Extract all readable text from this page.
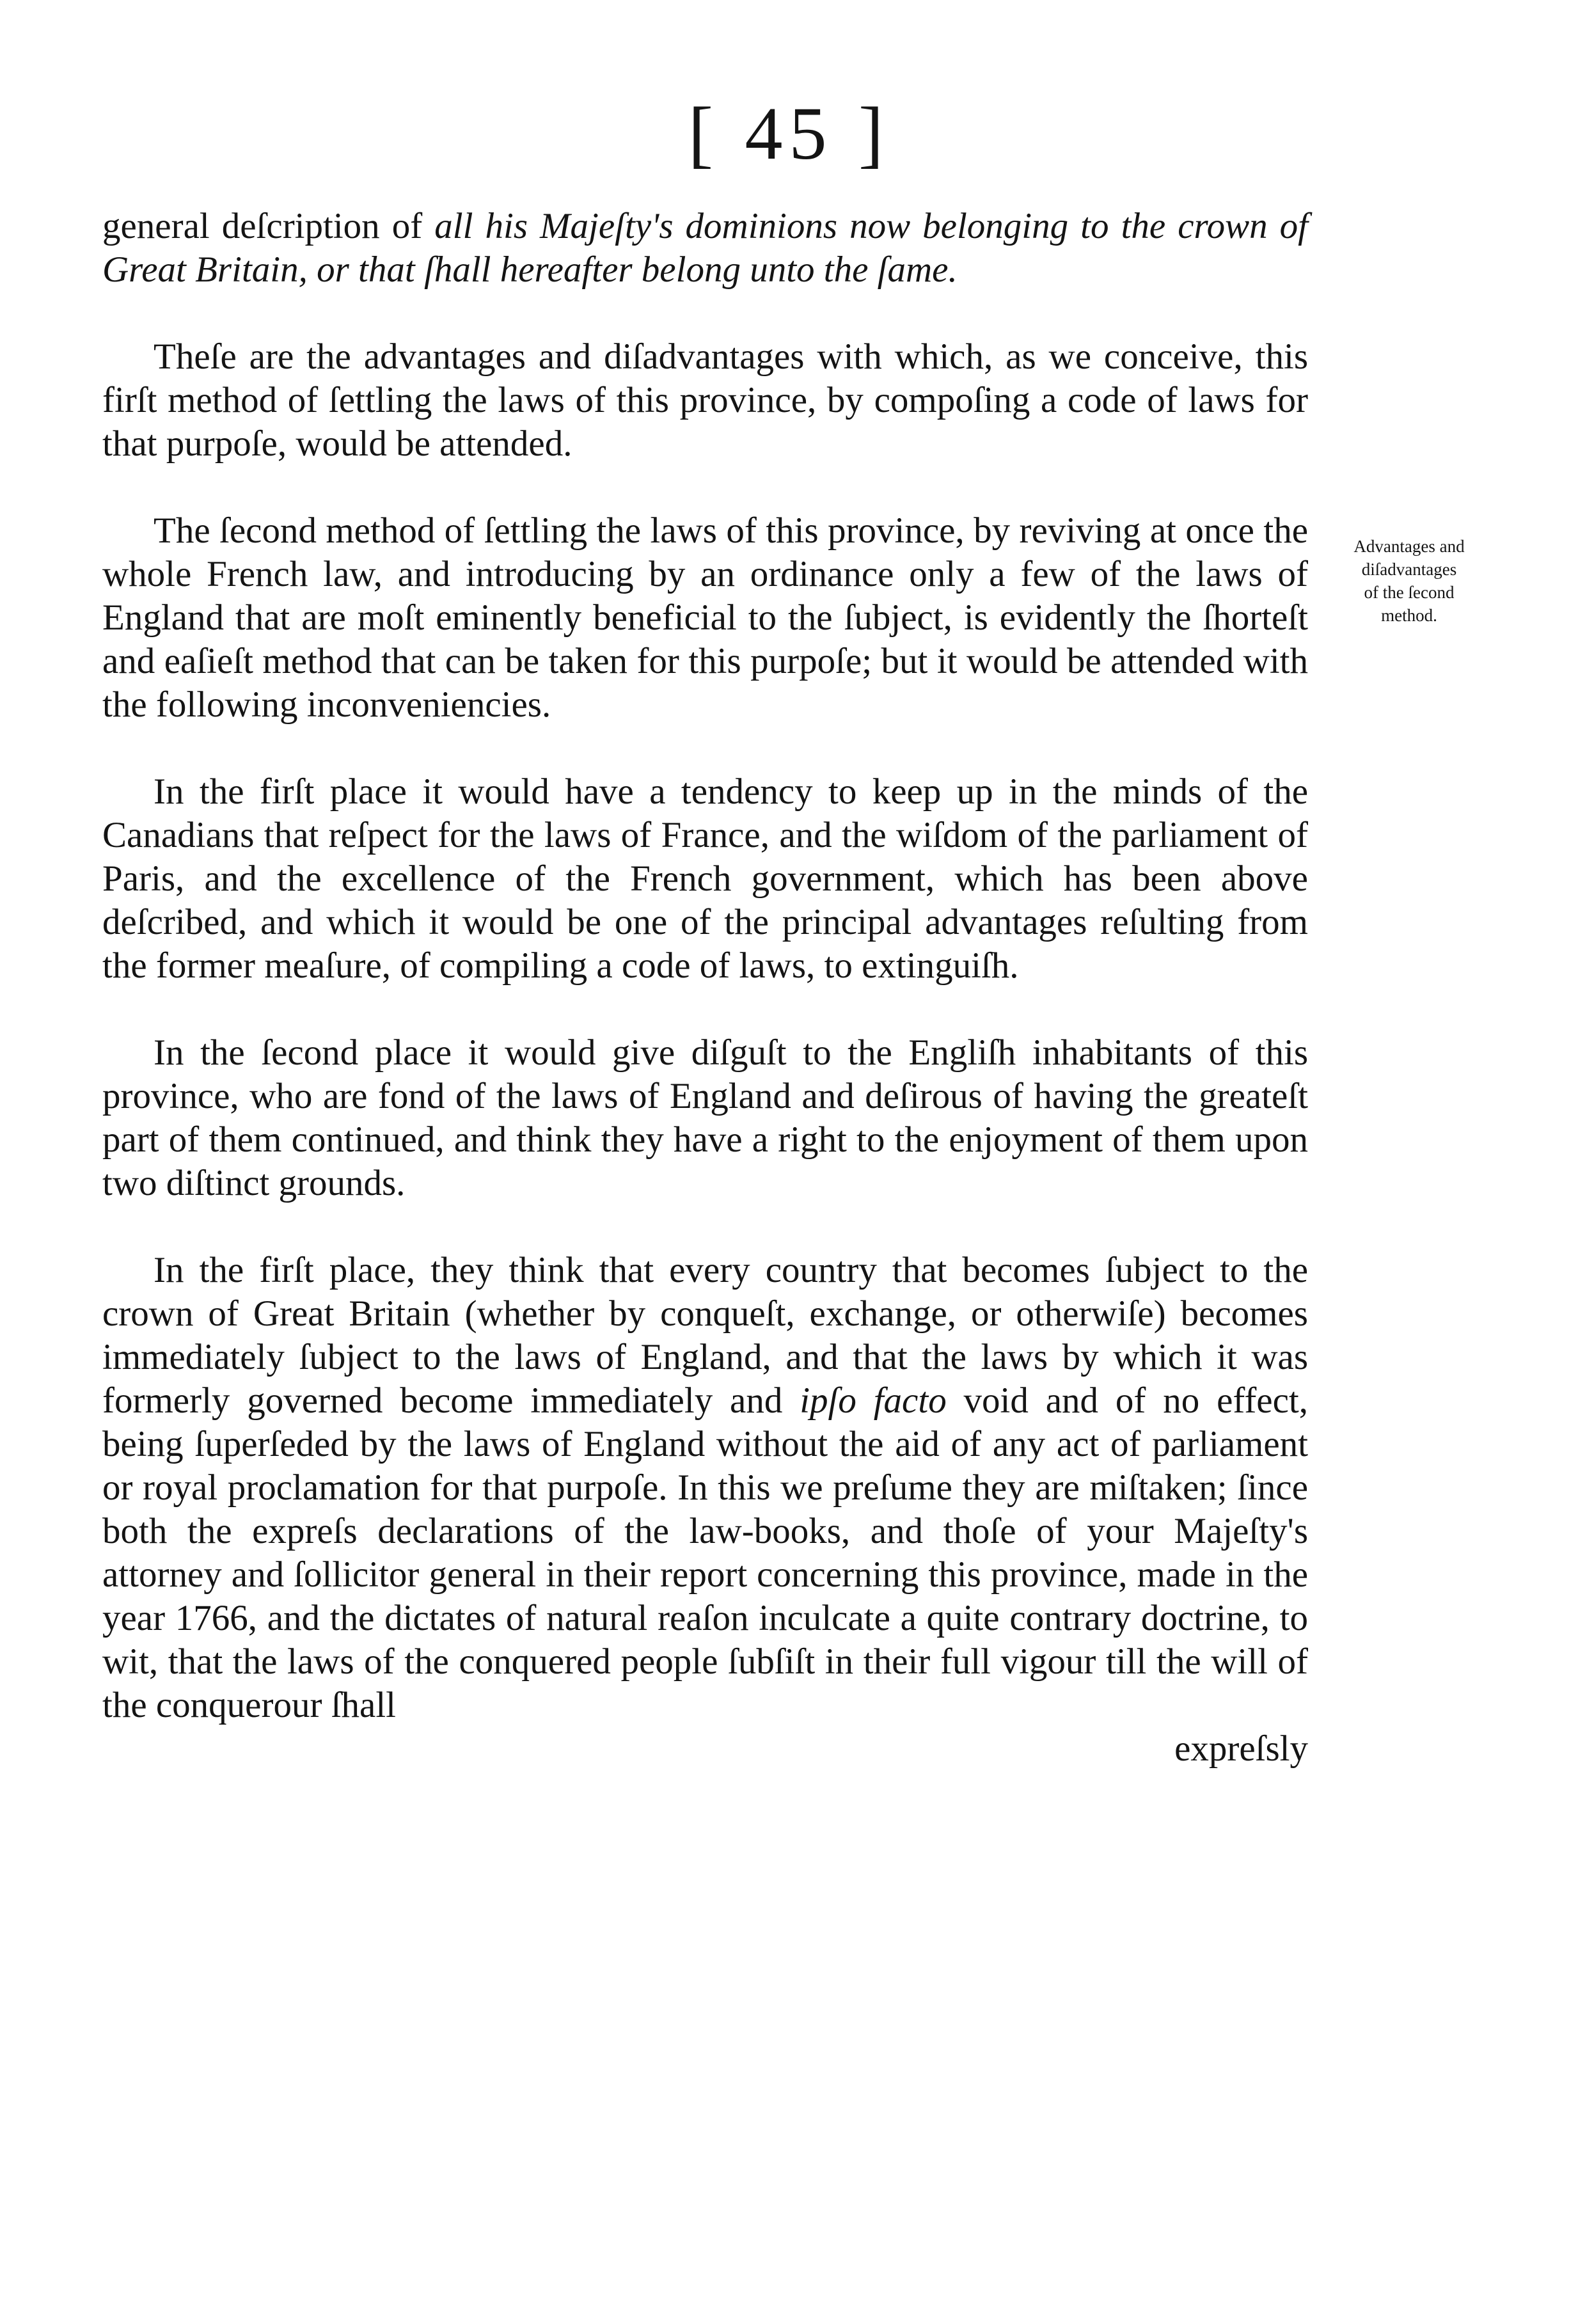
[ 45 ]

general deſcription of all his Majeſty's dominions now belonging to the crown of Great Britain, or that ſhall hereafter belong unto the ſame.

Theſe are the advantages and diſadvantages with which, as we conceive, this firſt method of ſettling the laws of this province, by compoſing a code of laws for that purpoſe, would be attended.

The ſecond method of ſettling the laws of this province, by reviving at once the whole French law, and introducing by an ordinance only a few of the laws of England that are moſt eminently beneficial to the ſubject, is evidently the ſhorteſt and eaſieſt method that can be taken for this purpoſe; but it would be attended with the following inconveniencies.

In the firſt place it would have a tendency to keep up in the minds of the Canadians that reſpect for the laws of France, and the wiſdom of the parliament of Paris, and the excellence of the French government, which has been above deſcribed, and which it would be one of the principal advantages reſulting from the former meaſure, of compiling a code of laws, to extinguiſh.

In the ſecond place it would give diſguſt to the Engliſh inhabitants of this province, who are fond of the laws of England and deſirous of having the greateſt part of them continued, and think they have a right to the enjoyment of them upon two diſtinct grounds.

In the firſt place, they think that every country that becomes ſubject to the crown of Great Britain (whether by conqueſt, exchange, or otherwiſe) becomes immediately ſubject to the laws of England, and that the laws by which it was formerly governed become immediately and ipſo facto void and of no effect, being ſuperſeded by the laws of England without the aid of any act of parliament or royal proclamation for that purpoſe. In this we preſume they are miſtaken; ſince both the expreſs declarations of the law-books, and thoſe of your Majeſty's attorney and ſollicitor general in their report concerning this province, made in the year 1766, and the dictates of natural reaſon inculcate a quite contrary doctrine, to wit, that the laws of the conquered people ſubſiſt in their full vigour till the will of the conquerour ſhall

expreſsly

Advantages and
diſadvantages
of the ſecond
method.
